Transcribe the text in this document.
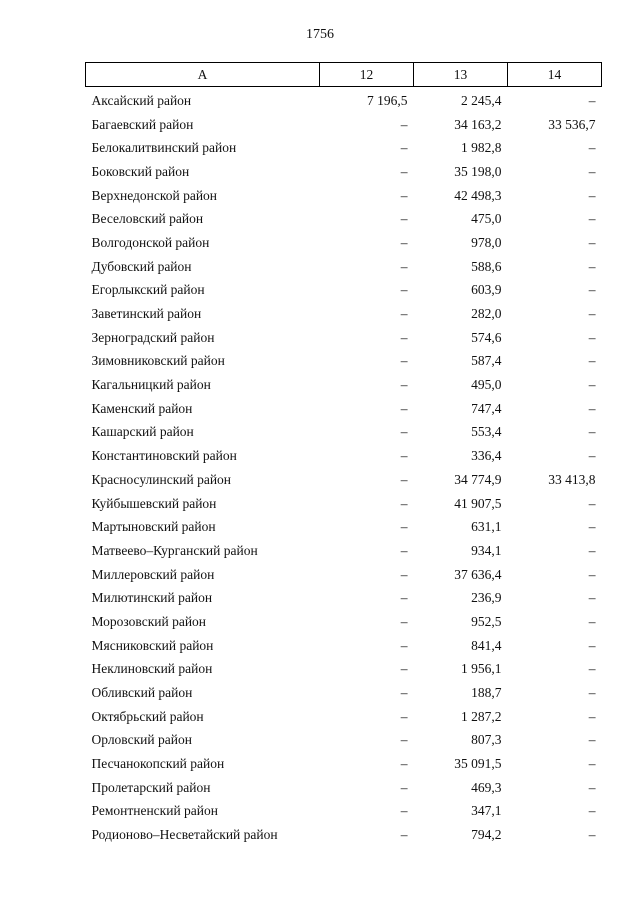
1756
А	12	13	14
Аксайский район	7 196,5	2 245,4	–
Багаевский район	–	34 163,2	33 536,7
Белокалитвинский район	–	1 982,8	–
Боковский район	–	35 198,0	–
Верхнедонской район	–	42 498,3	–
Веселовский район	–	475,0	–
Волгодонской район	–	978,0	–
Дубовский район	–	588,6	–
Егорлыкский район	–	603,9	–
Заветинский район	–	282,0	–
Зерноградский район	–	574,6	–
Зимовниковский район	–	587,4	–
Кагальницкий район	–	495,0	–
Каменский район	–	747,4	–
Кашарский район	–	553,4	–
Константиновский район	–	336,4	–
Красносулинский район	–	34 774,9	33 413,8
Куйбышевский район	–	41 907,5	–
Мартыновский район	–	631,1	–
Матвеево–Курганский район	–	934,1	–
Миллеровский район	–	37 636,4	–
Милютинский район	–	236,9	–
Морозовский район	–	952,5	–
Мясниковский район	–	841,4	–
Неклиновский район	–	1 956,1	–
Обливский район	–	188,7	–
Октябрьский район	–	1 287,2	–
Орловский район	–	807,3	–
Песчанокопский район	–	35 091,5	–
Пролетарский район	–	469,3	–
Ремонтненский район	–	347,1	–
Родионово–Несветайский район	–	794,2	–
